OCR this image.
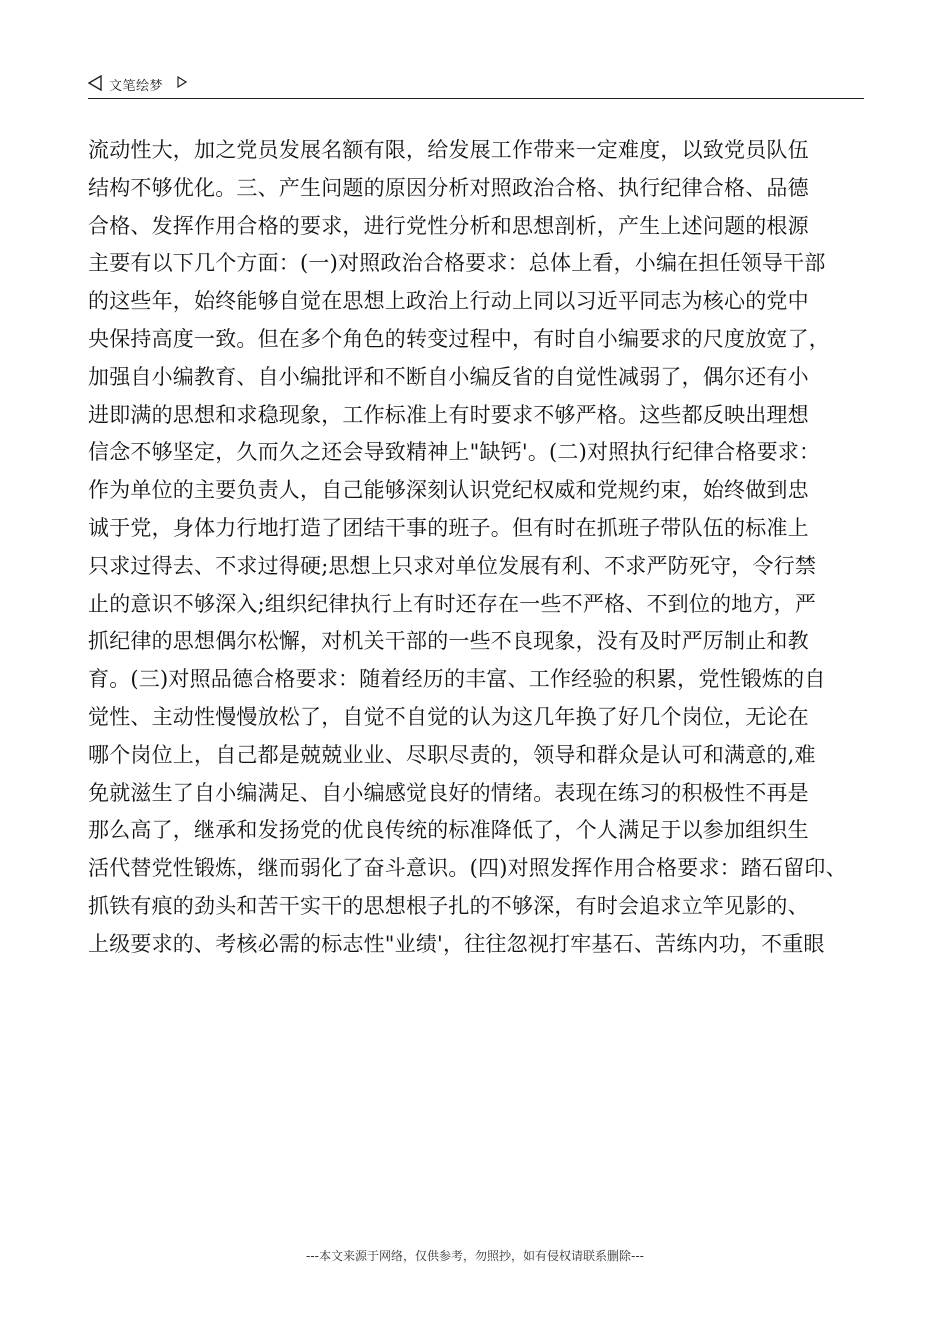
文笔绘梦
流动性大，加之党员发展名额有限，给发展工作带来一定难度，以致党员队伍
结构不够优化。三、产生问题的原因分析对照政治合格、执行纪律合格、品德
合格、发挥作用合格的要求，进行党性分析和思想剖析，产生上述问题的根源
主要有以下几个方面：(一)对照政治合格要求：总体上看，小编在担任领导干部
的这些年，始终能够自觉在思想上政治上行动上同以习近平同志为核心的党中
央保持高度一致。但在多个角色的转变过程中，有时自小编要求的尺度放宽了，
加强自小编教育、自小编批评和不断自小编反省的自觉性减弱了，偶尔还有小
进即满的思想和求稳现象，工作标准上有时要求不够严格。这些都反映出理想
信念不够坚定，久而久之还会导致精神上"缺钙'。(二)对照执行纪律合格要求：
作为单位的主要负责人，自己能够深刻认识党纪权威和党规约束，始终做到忠
诚于党，身体力行地打造了团结干事的班子。但有时在抓班子带队伍的标准上
只求过得去、不求过得硬;思想上只求对单位发展有利、不求严防死守，令行禁
止的意识不够深入;组织纪律执行上有时还存在一些不严格、不到位的地方，严
抓纪律的思想偶尔松懈，对机关干部的一些不良现象，没有及时严厉制止和教
育。(三)对照品德合格要求：随着经历的丰富、工作经验的积累，党性锻炼的自
觉性、主动性慢慢放松了，自觉不自觉的认为这几年换了好几个岗位，无论在
哪个岗位上，自己都是兢兢业业、尽职尽责的，领导和群众是认可和满意的,难
免就滋生了自小编满足、自小编感觉良好的情绪。表现在练习的积极性不再是
那么高了，继承和发扬党的优良传统的标准降低了，个人满足于以参加组织生
活代替党性锻炼，继而弱化了奋斗意识。(四)对照发挥作用合格要求：踏石留印、
抓铁有痕的劲头和苦干实干的思想根子扎的不够深，有时会追求立竿见影的、
上级要求的、考核必需的标志性"业绩'，往往忽视打牢基石、苦练内功，不重眼
---本文来源于网络，仅供参考，勿照抄，如有侵权请联系删除---
